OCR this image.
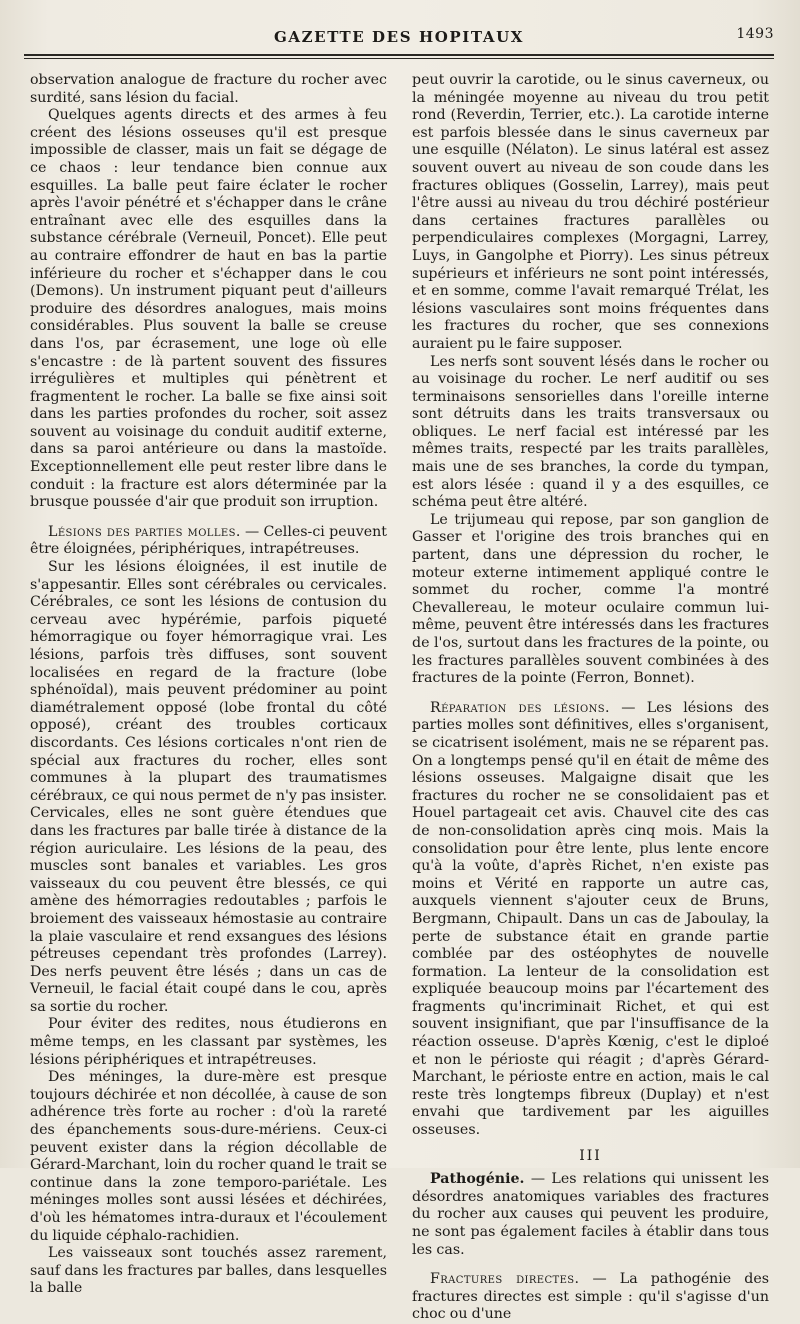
GAZETTE DES HOPITAUX	1493

observation analogue de fracture du rocher avec surdité, sans lésion du facial.

Quelques agents directs et des armes à feu créent des lésions osseuses qu'il est presque impossible de classer, mais un fait se dégage de ce chaos : leur tendance bien connue aux esquilles. La balle peut faire éclater le rocher après l'avoir pénétré et s'échapper dans le crâne entraînant avec elle des esquilles dans la substance cérébrale (Verneuil, Poncet). Elle peut au contraire effondrer de haut en bas la partie inférieure du rocher et s'échapper dans le cou (Demons). Un instrument piquant peut d'ailleurs produire des désordres analogues, mais moins considérables. Plus souvent la balle se creuse dans l'os, par écrasement, une loge où elle s'encastre : de là partent souvent des fissures irrégulières et multiples qui pénètrent et fragmentent le rocher. La balle se fixe ainsi soit dans les parties profondes du rocher, soit assez souvent au voisinage du conduit auditif externe, dans sa paroi antérieure ou dans la mastoïde. Exceptionnellement elle peut rester libre dans le conduit : la fracture est alors déterminée par la brusque poussée d'air que produit son irruption.

Lésions des parties molles. — Celles-ci peuvent être éloignées, périphériques, intrapétreuses.

Sur les lésions éloignées, il est inutile de s'appesantir. Elles sont cérébrales ou cervicales. Cérébrales, ce sont les lésions de contusion du cerveau avec hypérémie, parfois piqueté hémorragique ou foyer hémorragique vrai. Les lésions, parfois très diffuses, sont souvent localisées en regard de la fracture (lobe sphénoïdal), mais peuvent prédominer au point diamétralement opposé (lobe frontal du côté opposé), créant des troubles corticaux discordants. Ces lésions corticales n'ont rien de spécial aux fractures du rocher, elles sont communes à la plupart des traumatismes cérébraux, ce qui nous permet de n'y pas insister. Cervicales, elles ne sont guère étendues que dans les fractures par balle tirée à distance de la région auriculaire. Les lésions de la peau, des muscles sont banales et variables. Les gros vaisseaux du cou peuvent être blessés, ce qui amène des hémorragies redoutables ; parfois le broiement des vaisseaux hémostasie au contraire la plaie vasculaire et rend exsangues des lésions pétreuses cependant très profondes (Larrey). Des nerfs peuvent être lésés ; dans un cas de Verneuil, le facial était coupé dans le cou, après sa sortie du rocher.

Pour éviter des redites, nous étudierons en même temps, en les classant par systèmes, les lésions périphériques et intrapétreuses.

Des méninges, la dure-mère est presque toujours déchirée et non décollée, à cause de son adhérence très forte au rocher : d'où la rareté des épanchements sous-dure-mériens. Ceux-ci peuvent exister dans la région décollable de Gérard-Marchant, loin du rocher quand le trait se continue dans la zone temporo-pariétale. Les méninges molles sont aussi lésées et déchirées, d'où les hématomes intra-duraux et l'écoulement du liquide céphalo-rachidien.

Les vaisseaux sont touchés assez rarement, sauf dans les fractures par balles, dans lesquelles la balle

peut ouvrir la carotide, ou le sinus caverneux, ou la méningée moyenne au niveau du trou petit rond (Reverdin, Terrier, etc.). La carotide interne est parfois blessée dans le sinus caverneux par une esquille (Nélaton). Le sinus latéral est assez souvent ouvert au niveau de son coude dans les fractures obliques (Gosselin, Larrey), mais peut l'être aussi au niveau du trou déchiré postérieur dans certaines fractures parallèles ou perpendiculaires complexes (Morgagni, Larrey, Luys, in Gangolphe et Piorry). Les sinus pétreux supérieurs et inférieurs ne sont point intéressés, et en somme, comme l'avait remarqué Trélat, les lésions vasculaires sont moins fréquentes dans les fractures du rocher, que ses connexions auraient pu le faire supposer.

Les nerfs sont souvent lésés dans le rocher ou au voisinage du rocher. Le nerf auditif ou ses terminaisons sensorielles dans l'oreille interne sont détruits dans les traits transversaux ou obliques. Le nerf facial est intéressé par les mêmes traits, respecté par les traits parallèles, mais une de ses branches, la corde du tympan, est alors lésée : quand il y a des esquilles, ce schéma peut être altéré.

Le trijumeau qui repose, par son ganglion de Gasser et l'origine des trois branches qui en partent, dans une dépression du rocher, le moteur externe intimement appliqué contre le sommet du rocher, comme l'a montré Chevallereau, le moteur oculaire commun lui-même, peuvent être intéressés dans les fractures de l'os, surtout dans les fractures de la pointe, ou les fractures parallèles souvent combinées à des fractures de la pointe (Ferron, Bonnet).

Réparation des lésions. — Les lésions des parties molles sont définitives, elles s'organisent, se cicatrisent isolément, mais ne se réparent pas. On a longtemps pensé qu'il en était de même des lésions osseuses. Malgaigne disait que les fractures du rocher ne se consolidaient pas et Houel partageait cet avis. Chauvel cite des cas de non-consolidation après cinq mois. Mais la consolidation pour être lente, plus lente encore qu'à la voûte, d'après Richet, n'en existe pas moins et Vérité en rapporte un autre cas, auxquels viennent s'ajouter ceux de Bruns, Bergmann, Chipault. Dans un cas de Jaboulay, la perte de substance était en grande partie comblée par des ostéophytes de nouvelle formation. La lenteur de la consolidation est expliquée beaucoup moins par l'écartement des fragments qu'incriminait Richet, et qui est souvent insignifiant, que par l'insuffisance de la réaction osseuse. D'après Kœnig, c'est le diploé et non le périoste qui réagit ; d'après Gérard-Marchant, le périoste entre en action, mais le cal reste très longtemps fibreux (Duplay) et n'est envahi que tardivement par les aiguilles osseuses.

III

Pathogénie. — Les relations qui unissent les désordres anatomiques variables des fractures du rocher aux causes qui peuvent les produire, ne sont pas également faciles à établir dans tous les cas.

Fractures directes. — La pathogénie des fractures directes est simple : qu'il s'agisse d'un choc ou d'une
